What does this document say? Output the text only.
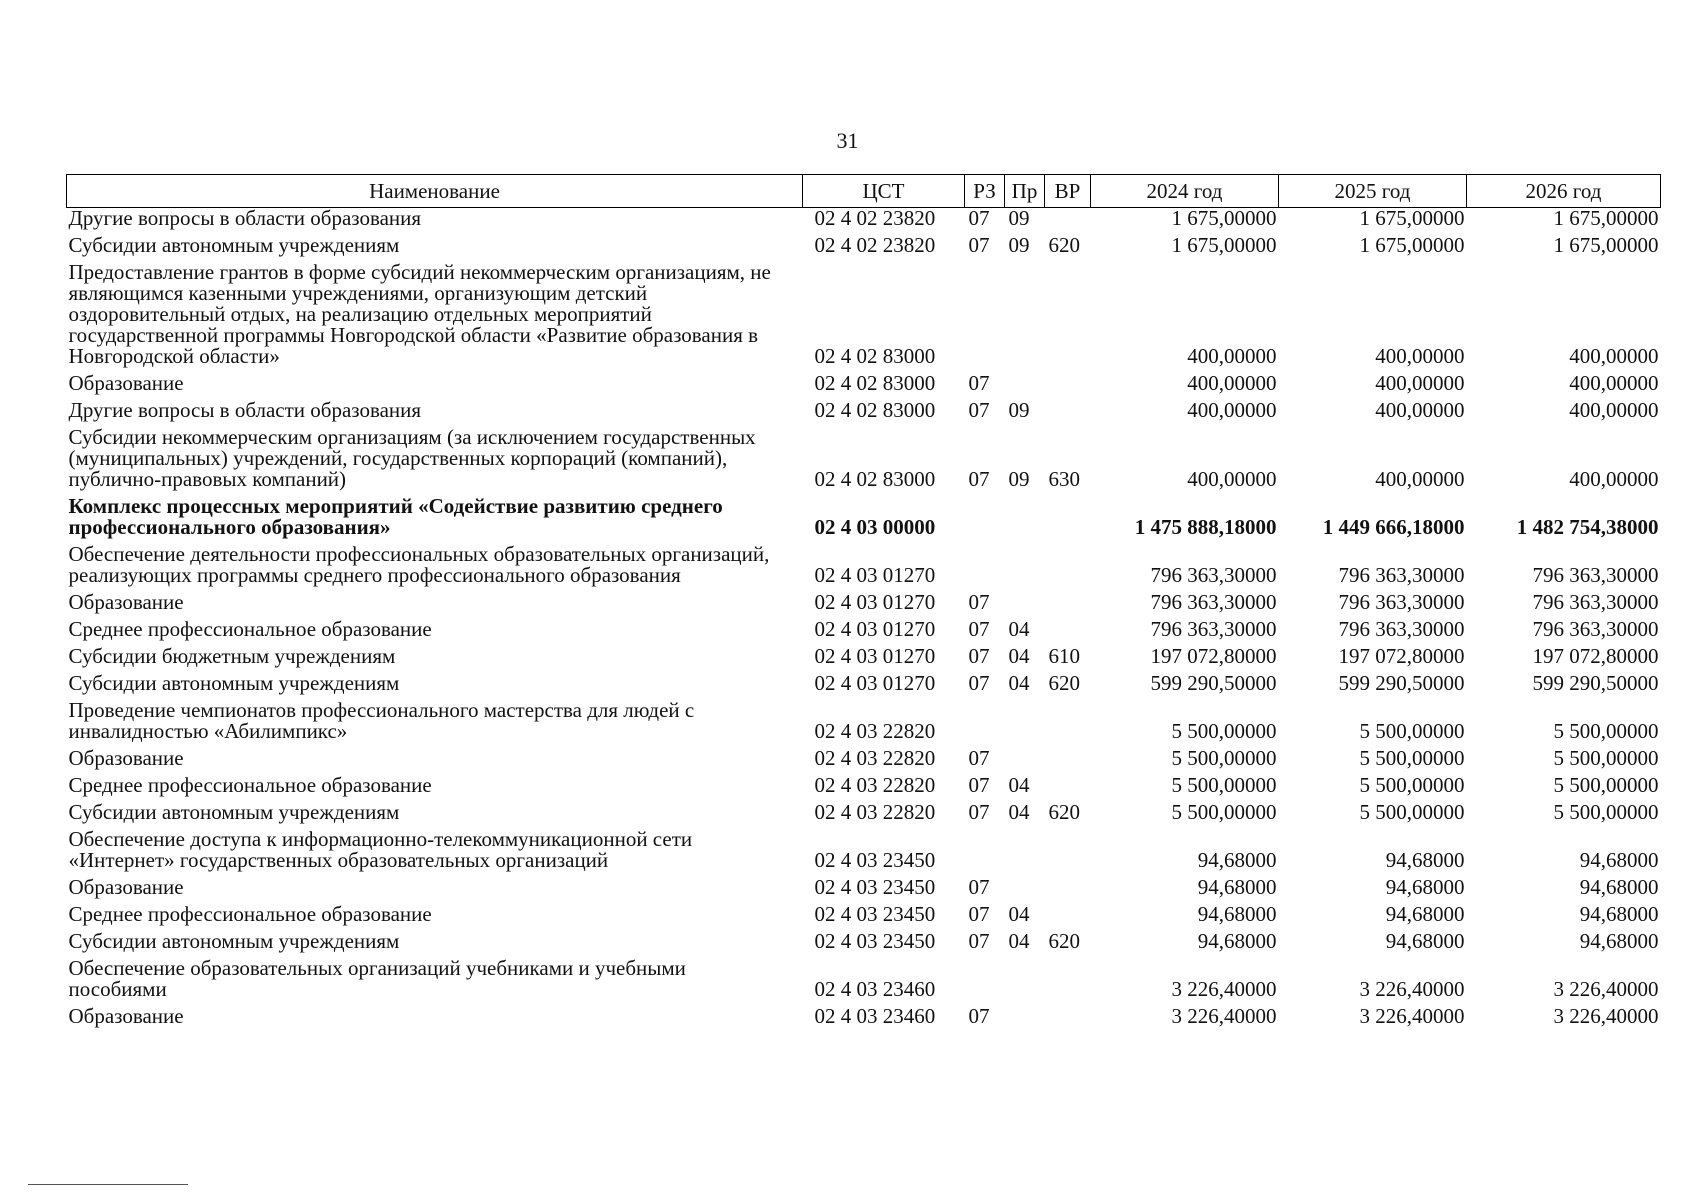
31
Наименование	ЦСТ	РЗ	Пр	ВР	2024 год	2025 год	2026 год
Другие вопросы в области образования	02 4 02 23820	07	09		1 675,00000	1 675,00000	1 675,00000
Субсидии автономным учреждениям	02 4 02 23820	07	09	620	1 675,00000	1 675,00000	1 675,00000
Предоставление грантов в форме субсидий некоммерческим организациям, не являющимся казенными учреждениями, организующим детский оздоровительный отдых, на реализацию отдельных мероприятий государственной программы Новгородской области «Развитие образования в Новгородской области»	02 4 02 83000				400,00000	400,00000	400,00000
Образование	02 4 02 83000	07			400,00000	400,00000	400,00000
Другие вопросы в области образования	02 4 02 83000	07	09		400,00000	400,00000	400,00000
Субсидии некоммерческим организациям (за исключением государственных (муниципальных) учреждений, государственных корпораций (компаний), публично-правовых компаний)	02 4 02 83000	07	09	630	400,00000	400,00000	400,00000
Комплекс процессных мероприятий «Содействие развитию среднего профессионального образования»	02 4 03 00000				1 475 888,18000	1 449 666,18000	1 482 754,38000
Обеспечение деятельности профессиональных образовательных организаций, реализующих программы среднего профессионального образования	02 4 03 01270				796 363,30000	796 363,30000	796 363,30000
Образование	02 4 03 01270	07			796 363,30000	796 363,30000	796 363,30000
Среднее профессиональное образование	02 4 03 01270	07	04		796 363,30000	796 363,30000	796 363,30000
Субсидии бюджетным учреждениям	02 4 03 01270	07	04	610	197 072,80000	197 072,80000	197 072,80000
Субсидии автономным учреждениям	02 4 03 01270	07	04	620	599 290,50000	599 290,50000	599 290,50000
Проведение чемпионатов профессионального мастерства для людей с инвалидностью «Абилимпикс»	02 4 03 22820				5 500,00000	5 500,00000	5 500,00000
Образование	02 4 03 22820	07			5 500,00000	5 500,00000	5 500,00000
Среднее профессиональное образование	02 4 03 22820	07	04		5 500,00000	5 500,00000	5 500,00000
Субсидии автономным учреждениям	02 4 03 22820	07	04	620	5 500,00000	5 500,00000	5 500,00000
Обеспечение доступа к информационно-телекоммуникационной сети «Интернет» государственных образовательных организаций	02 4 03 23450				94,68000	94,68000	94,68000
Образование	02 4 03 23450	07			94,68000	94,68000	94,68000
Среднее профессиональное образование	02 4 03 23450	07	04		94,68000	94,68000	94,68000
Субсидии автономным учреждениям	02 4 03 23450	07	04	620	94,68000	94,68000	94,68000
Обеспечение образовательных организаций учебниками и учебными пособиями	02 4 03 23460				3 226,40000	3 226,40000	3 226,40000
Образование	02 4 03 23460	07			3 226,40000	3 226,40000	3 226,40000
